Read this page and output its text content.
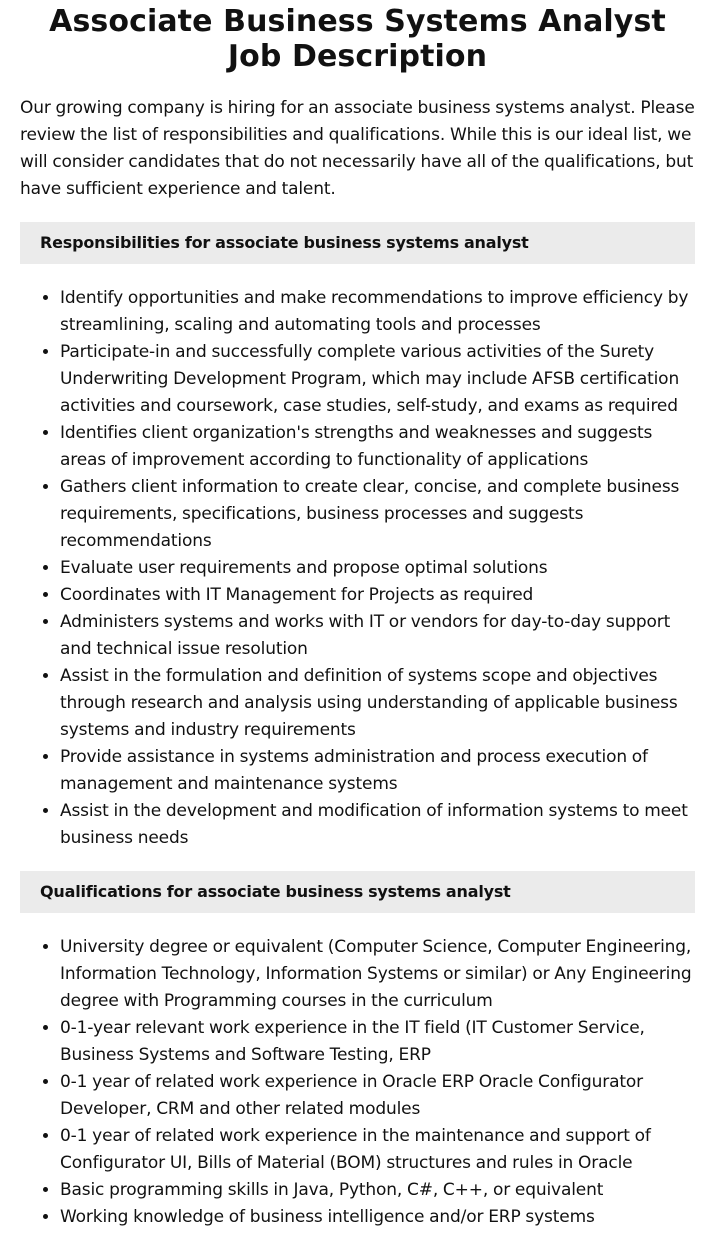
Associate Business Systems Analyst Job Description

Our growing company is hiring for an associate business systems analyst. Please review the list of responsibilities and qualifications. While this is our ideal list, we will consider candidates that do not necessarily have all of the qualifications, but have sufficient experience and talent.

Responsibilities for associate business systems analyst
• Identify opportunities and make recommendations to improve efficiency by streamlining, scaling and automating tools and processes
• Participate-in and successfully complete various activities of the Surety Underwriting Development Program, which may include AFSB certification activities and coursework, case studies, self-study, and exams as required
• Identifies client organization's strengths and weaknesses and suggests areas of improvement according to functionality of applications
• Gathers client information to create clear, concise, and complete business requirements, specifications, business processes and suggests recommendations
• Evaluate user requirements and propose optimal solutions
• Coordinates with IT Management for Projects as required
• Administers systems and works with IT or vendors for day-to-day support and technical issue resolution
• Assist in the formulation and definition of systems scope and objectives through research and analysis using understanding of applicable business systems and industry requirements
• Provide assistance in systems administration and process execution of management and maintenance systems
• Assist in the development and modification of information systems to meet business needs
Qualifications for associate business systems analyst
• University degree or equivalent (Computer Science, Computer Engineering, Information Technology, Information Systems or similar) or Any Engineering degree with Programming courses in the curriculum
• 0-1-year relevant work experience in the IT field (IT Customer Service, Business Systems and Software Testing, ERP
• 0-1 year of related work experience in Oracle ERP Oracle Configurator Developer, CRM and other related modules
• 0-1 year of related work experience in the maintenance and support of Configurator UI, Bills of Material (BOM) structures and rules in Oracle
• Basic programming skills in Java, Python, C#, C++, or equivalent
• Working knowledge of business intelligence and/or ERP systems
